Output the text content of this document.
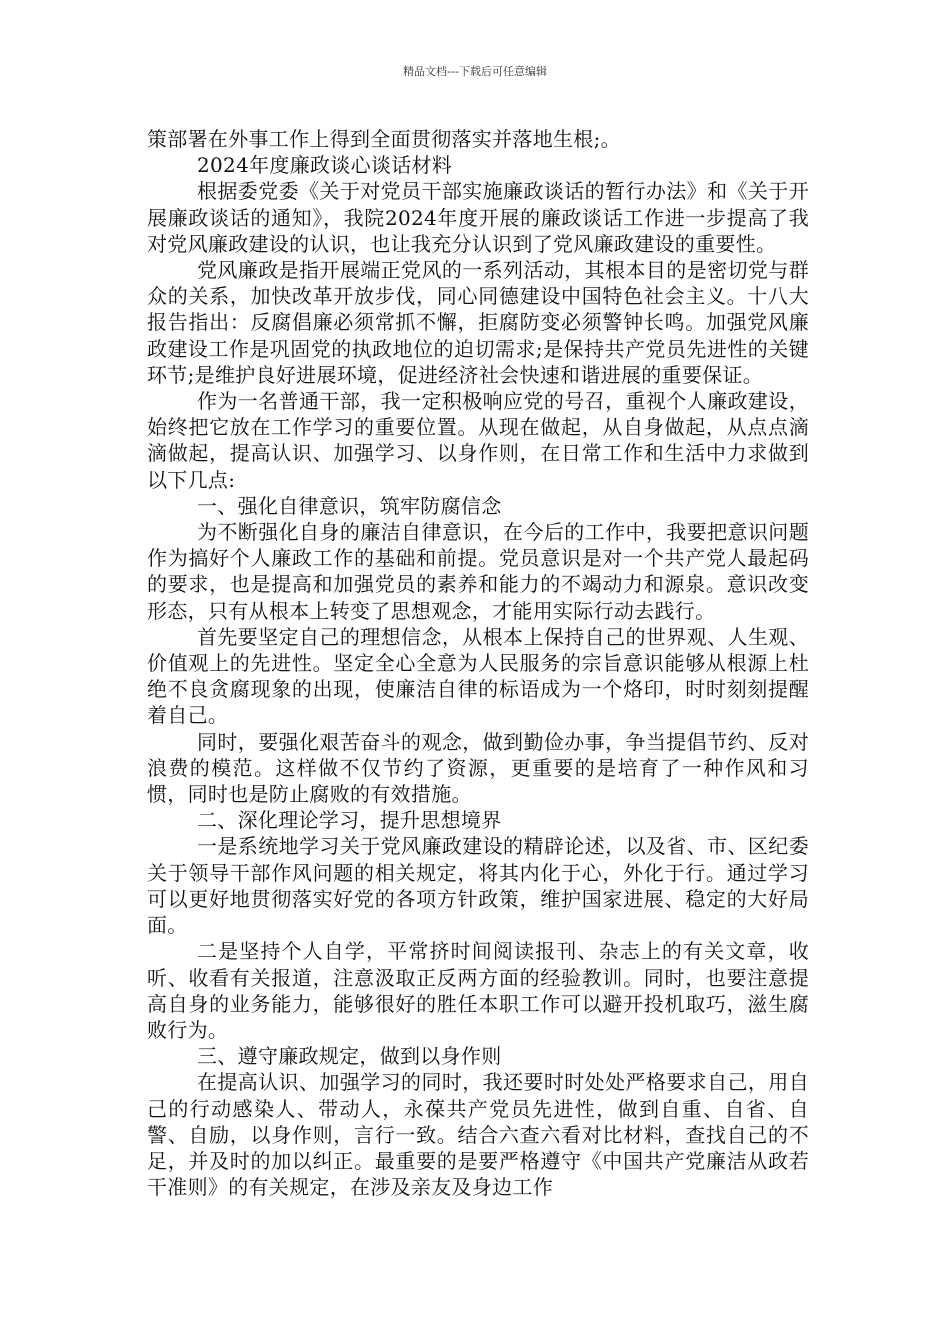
精品文档---下载后可任意编辑

策部署在外事工作上得到全面贯彻落实并落地生根;。

2024年度廉政谈心谈话材料

根据委党委《关于对党员干部实施廉政谈话的暂行办法》和《关于开展廉政谈话的通知》，我院2024年度开展的廉政谈话工作进一步提高了我对党风廉政建设的认识，也让我充分认识到了党风廉政建设的重要性。

党风廉政是指开展端正党风的一系列活动，其根本目的是密切党与群众的关系，加快改革开放步伐，同心同德建设中国特色社会主义。十八大报告指出：反腐倡廉必须常抓不懈，拒腐防变必须警钟长鸣。加强党风廉政建设工作是巩固党的执政地位的迫切需求;是保持共产党员先进性的关键环节;是维护良好进展环境，促进经济社会快速和谐进展的重要保证。

作为一名普通干部，我一定积极响应党的号召，重视个人廉政建设，始终把它放在工作学习的重要位置。从现在做起，从自身做起，从点点滴滴做起，提高认识、加强学习、以身作则，在日常工作和生活中力求做到以下几点:

一、强化自律意识，筑牢防腐信念

为不断强化自身的廉洁自律意识，在今后的工作中，我要把意识问题作为搞好个人廉政工作的基础和前提。党员意识是对一个共产党人最起码的要求，也是提高和加强党员的素养和能力的不竭动力和源泉。意识改变形态，只有从根本上转变了思想观念，才能用实际行动去践行。

首先要坚定自己的理想信念，从根本上保持自己的世界观、人生观、价值观上的先进性。坚定全心全意为人民服务的宗旨意识能够从根源上杜绝不良贪腐现象的出现，使廉洁自律的标语成为一个烙印，时时刻刻提醒着自己。

同时，要强化艰苦奋斗的观念，做到勤俭办事，争当提倡节约、反对浪费的模范。这样做不仅节约了资源，更重要的是培育了一种作风和习惯，同时也是防止腐败的有效措施。

二、深化理论学习，提升思想境界

一是系统地学习关于党风廉政建设的精辟论述，以及省、市、区纪委关于领导干部作风问题的相关规定，将其内化于心，外化于行。通过学习可以更好地贯彻落实好党的各项方针政策，维护国家进展、稳定的大好局面。

二是坚持个人自学，平常挤时间阅读报刊、杂志上的有关文章，收听、收看有关报道，注意汲取正反两方面的经验教训。同时，也要注意提高自身的业务能力，能够很好的胜任本职工作可以避开投机取巧，滋生腐败行为。

三、遵守廉政规定，做到以身作则

在提高认识、加强学习的同时，我还要时时处处严格要求自己，用自己的行动感染人、带动人，永葆共产党员先进性，做到自重、自省、自警、自励，以身作则，言行一致。结合六查六看对比材料，查找自己的不足，并及时的加以纠正。最重要的是要严格遵守《中国共产党廉洁从政若干准则》的有关规定，在涉及亲友及身边工作
